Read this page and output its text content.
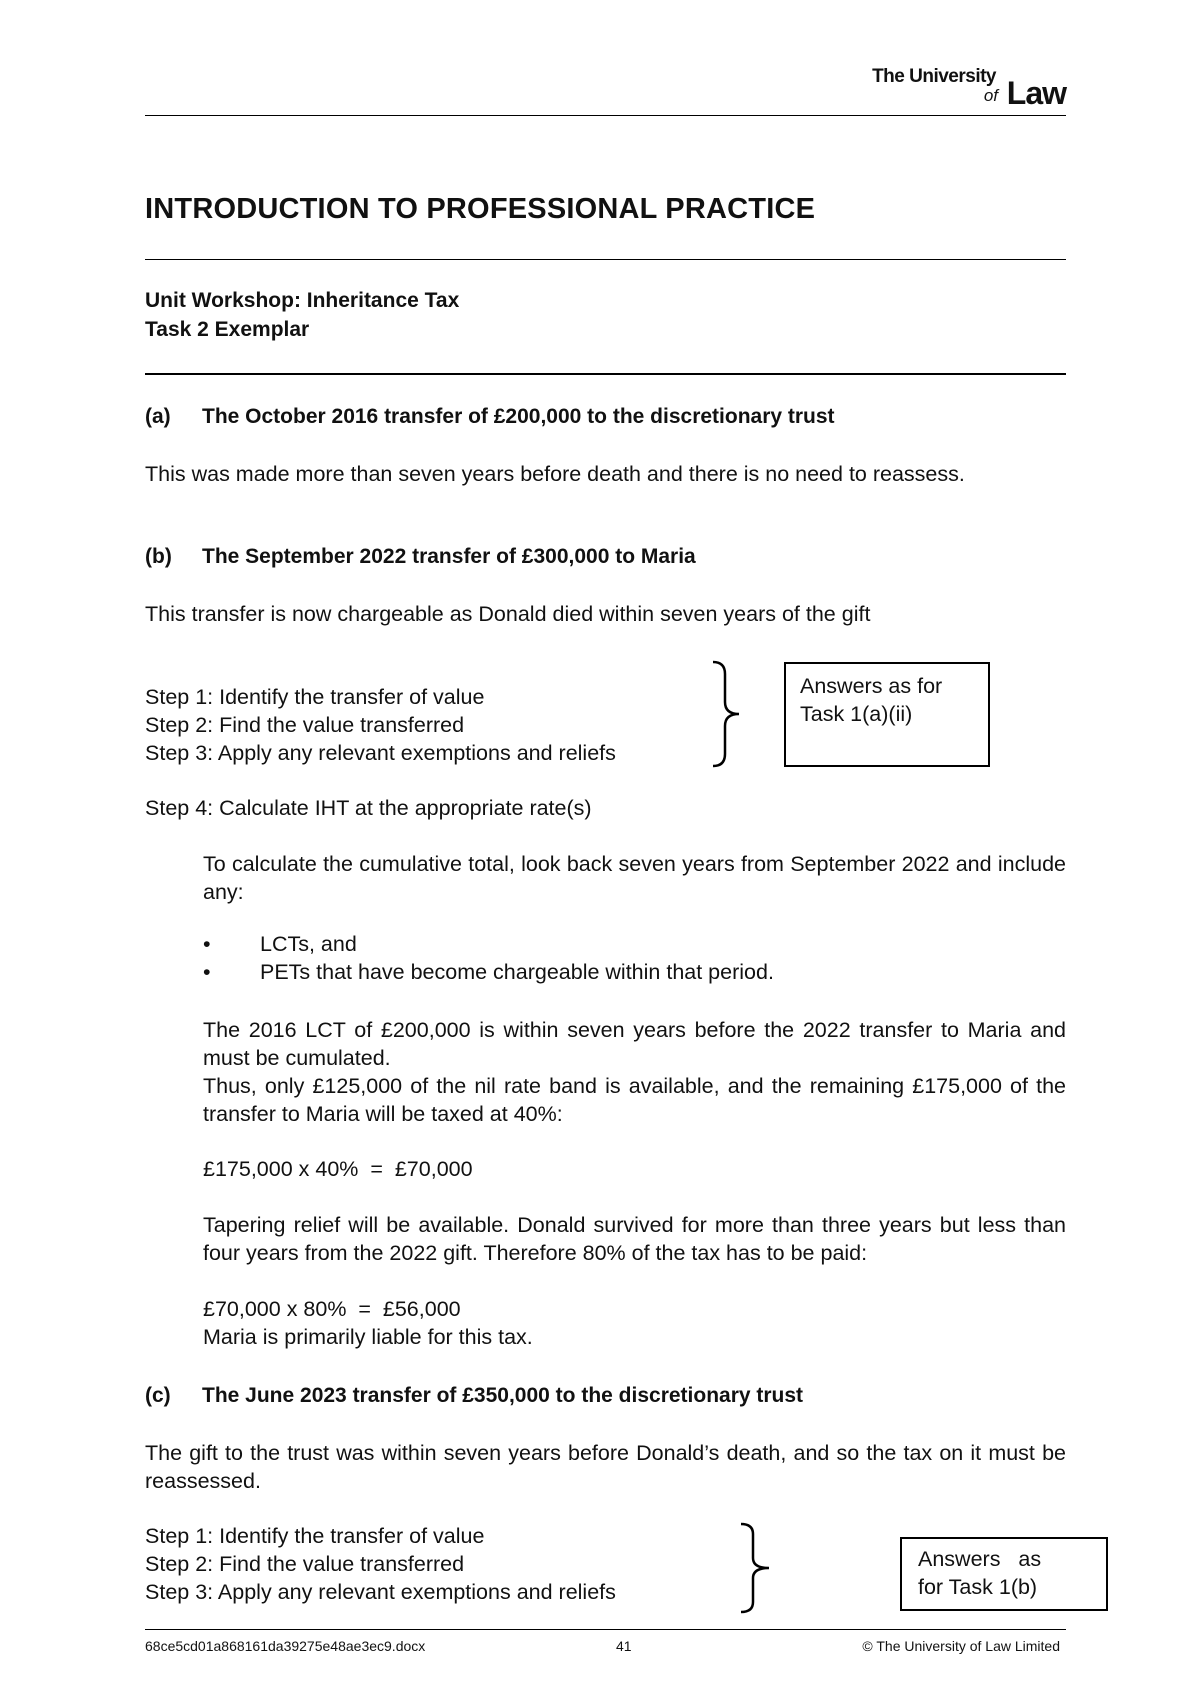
The University
of Law
INTRODUCTION TO PROFESSIONAL PRACTICE
Unit Workshop: Inheritance Tax
Task 2 Exemplar
(a) The October 2016 transfer of £200,000 to the discretionary trust
This was made more than seven years before death and there is no need to reassess.
(b) The September 2022 transfer of £300,000 to Maria
This transfer is now chargeable as Donald died within seven years of the gift
Step 1: Identify the transfer of value
Step 2: Find the value transferred
Step 3: Apply any relevant exemptions and reliefs
Answers as for
Task 1(a)(ii)
Step 4: Calculate IHT at the appropriate rate(s)
To calculate the cumulative total, look back seven years from September 2022 and include any:
• LCTs, and
• PETs that have become chargeable within that period.
The 2016 LCT of £200,000 is within seven years before the 2022 transfer to Maria and must be cumulated.
Thus, only £125,000 of the nil rate band is available, and the remaining £175,000 of the transfer to Maria will be taxed at 40%:
£175,000 x 40%  =  £70,000
Tapering relief will be available. Donald survived for more than three years but less than four years from the 2022 gift. Therefore 80% of the tax has to be paid:
£70,000 x 80%  =  £56,000
Maria is primarily liable for this tax.
(c) The June 2023 transfer of £350,000 to the discretionary trust
The gift to the trust was within seven years before Donald’s death, and so the tax on it must be reassessed.
Step 1: Identify the transfer of value
Step 2: Find the value transferred
Step 3: Apply any relevant exemptions and reliefs
Answers   as
for Task 1(b)
68ce5cd01a868161da39275e48ae3ec9.docx	41	© The University of Law Limited
